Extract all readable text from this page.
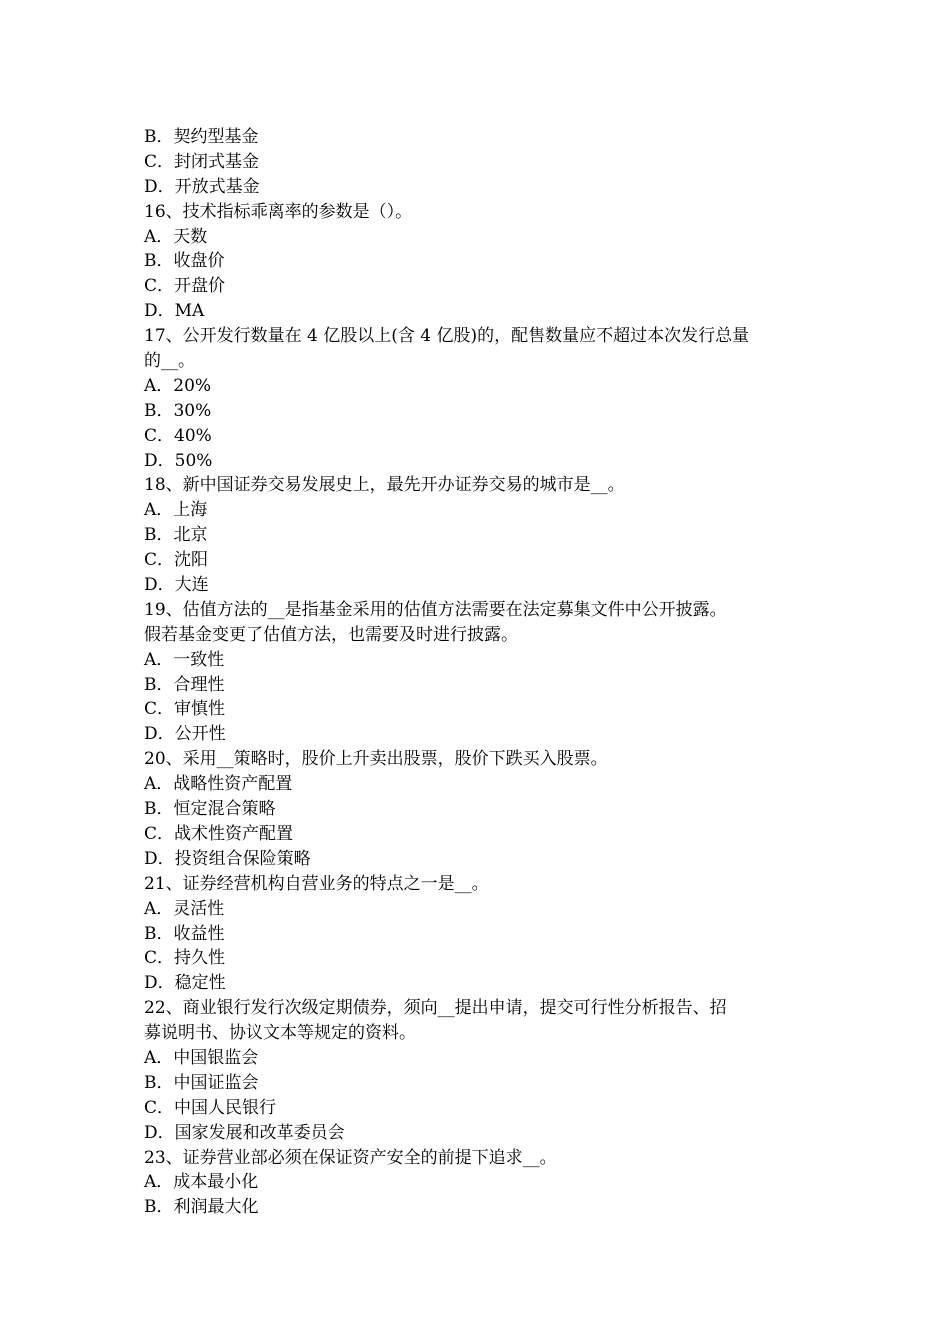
B．契约型基金
C．封闭式基金
D．开放式基金
16、技术指标乖离率的参数是（）。
A．天数
B．收盘价
C．开盘价
D．MA
17、公开发行数量在 4 亿股以上(含 4 亿股)的，配售数量应不超过本次发行总量
的__。
A．20%
B．30%
C．40%
D．50%
18、新中国证券交易发展史上，最先开办证券交易的城市是__。
A．上海
B．北京
C．沈阳
D．大连
19、估值方法的__是指基金采用的估值方法需要在法定募集文件中公开披露。
假若基金变更了估值方法，也需要及时进行披露。
A．一致性
B．合理性
C．审慎性
D．公开性
20、采用__策略时，股价上升卖出股票，股价下跌买入股票。
A．战略性资产配置
B．恒定混合策略
C．战术性资产配置
D．投资组合保险策略
21、证券经营机构自营业务的特点之一是__。
A．灵活性
B．收益性
C．持久性
D．稳定性
22、商业银行发行次级定期债券，须向__提出申请，提交可行性分析报告、招
募说明书、协议文本等规定的资料。
A．中国银监会
B．中国证监会
C．中国人民银行
D．国家发展和改革委员会
23、证券营业部必须在保证资产安全的前提下追求__。
A．成本最小化
B．利润最大化
